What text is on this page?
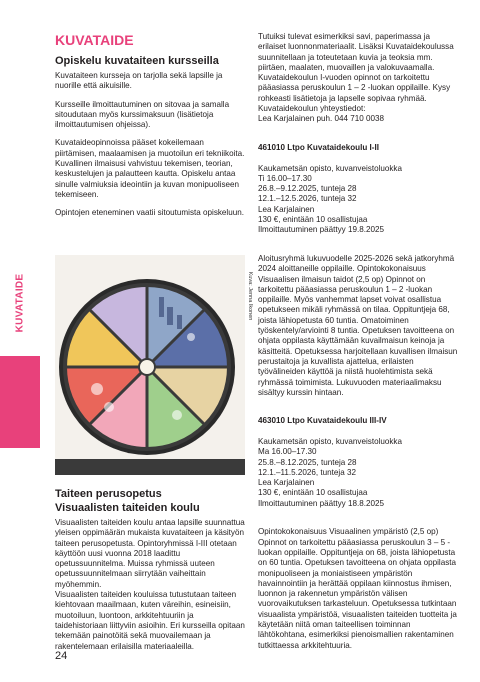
KUVATAIDE
Opiskelu kuvataiteen kursseilla

Kuvataiteen kursseja on tarjolla sekä lapsille ja nuorille että aikuisille.

Kursseille ilmoittautuminen on sitovaa ja samalla sitoudutaan myös kurssimaksuun (lisätietoja ilmoittautumisen ohjeissa).

Kuvataideopinnoissa pääset kokeilemaan piirtämisen, maalaamisen ja muotoilun eri tekniikoita. Kuvallinen ilmaisusi vahvistuu tekemisen, teorian, keskustelujen ja palautteen kautta. Opiskelu antaa sinulle valmiuksia ideointiin ja kuvan monipuoliseen tekemiseen.

Opintojen eteneminen vaatii sitoutumista opiskeluun.

Kuva: Jenna Ikonen
Taiteen perusopetus
Visuaalisten taiteiden koulu

Visuaalisten taiteiden koulu antaa lapsille suunnattua yleisen oppimäärän mukaista kuvataiteen ja käsityön taiteen perusopetusta. Opintoryhmissä I-III otetaan käyttöön uusi vuonna 2018 laadittu opetussuunnitelma. Muissa ryhmissä uuteen opetussuunnitelmaan siirrytään vaiheittain myöhemmin.

Visuaalisten taiteiden kouluissa tutustutaan taiteen kiehtovaan maailmaan, kuten väreihin, esineisiin, muotoiluun, luontoon, arkkitehtuuriin ja taidehistoriaan liittyviin asioihin. Eri kursseilla opitaan tekemään painotöitä sekä muovailemaan ja rakentelemaan erilaisilla materiaaleilla.

Tutuiksi tulevat esimerkiksi savi, paperimassa ja erilaiset luonnonmateriaalit. Lisäksi Kuvataidekoulussa suunnitellaan ja toteutetaan kuvia ja teoksia mm. piirtäen, maalaten, muovaillen ja valokuvaamalla.
Kuvataidekoulun I-vuoden opinnot on tarkoitettu pääasiassa peruskoulun 1 – 2 -luokan oppilaille. Kysy rohkeasti lisätietoja ja lapselle sopivaa ryhmää.
Kuvataidekoulun yhteystiedot:
Lea Karjalainen puh. 044 710 0038

461010 Ltpo Kuvataidekoulu I-II

Kaukametsän opisto, kuvanveistoluokka
Ti 16.00–17.30
26.8.–9.12.2025, tunteja 28
12.1.–12.5.2026, tunteja 32
Lea Karjalainen
130 €, enintään 10 osallistujaa
Ilmoittautuminen päättyy 19.8.2025

Aloitusryhmä lukuvuodelle 2025-2026 sekä jatkoryhmä 2024 aloittaneille oppilaille. Opintokokonaisuus Visuaalisen ilmaisun taidot (2,5 op) Opinnot on tarkoitettu pääasiassa peruskoulun 1 – 2 -luokan oppilaille. Myös vanhemmat lapset voivat osallistua opetukseen mikäli ryhmässä on tilaa. Oppituntjeja 68, joista lähiopetusta 60 tuntia. Omatoiminen työskentely/arviointi 8 tuntia. Opetuksen tavoitteena on ohjata oppilasta käyttämään kuvailmaisun keinoja ja käsitteitä. Opetuksessa harjoitellaan kuvallisen ilmaisun perustaitoja ja kuvallista ajattelua, erilaisten työvälineiden käyttöä ja niistä huolehtimista sekä ryhmässä toimimista. Lukuvuoden materiaalimaksu sisältyy kurssin hintaan.

463010 Ltpo Kuvataidekoulu III-IV

Kaukametsän opisto, kuvanveistoluokka
Ma 16.00–17.30
25.8.–8.12.2025, tunteja 28
12.1.–11.5.2026, tunteja 32
Lea Karjalainen
130 €, enintään 10 osallistujaa
Ilmoittautuminen päättyy 18.8.2025

Opintokokonaisuus Visuaalinen ympäristö (2,5 op) Opinnot on tarkoitettu pääasiassa peruskoulun 3 – 5 -luokan oppilaille. Oppituntjeja on 68, joista lähiopetusta on 60 tuntia. Opetuksen tavoitteena on ohjata oppilasta monipuoliseen ja moniaistiseen ympäristön havainnointiin ja herättää oppilaan kiinnostus ihmisen, luonnon ja rakennetun ympäristön välisen vuorovaikutuksen tarkasteluun. Opetuksessa tutkintaan visuaalista ympäristöä, visuaalisten taiteiden tuotteita ja käytetään niitä oman taiteellisen toiminnan lähtökohtana, esimerkiksi pienoismallien rakentaminen tutkittaessa arkkitehtuuria.

KUVATAIDE
24
